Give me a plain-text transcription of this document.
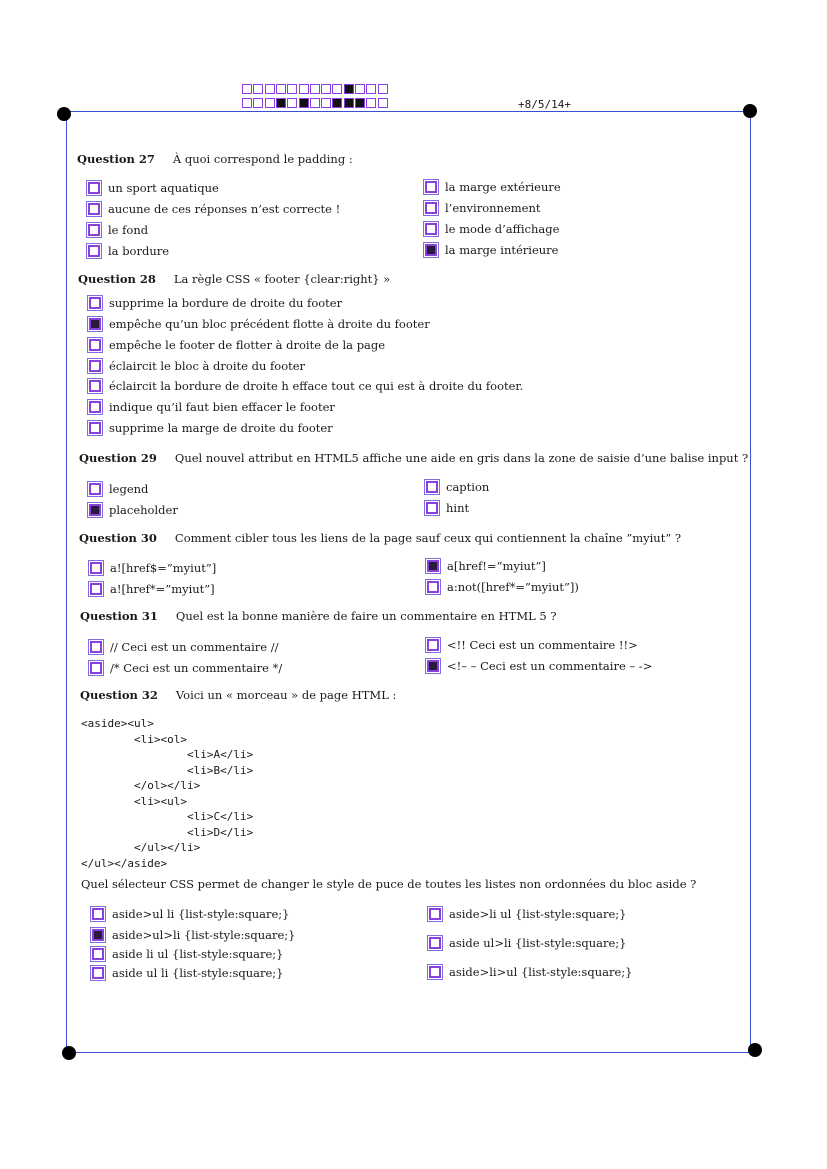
+8/5/14+
Question 27 À quoi correspond le padding :
un sport aquatique
aucune de ces réponses n’est correcte !
le fond
la bordure
la marge extérieure
l’environnement
le mode d’affichage
la marge intérieure
Question 28 La règle CSS « footer {clear:right} »
supprime la bordure de droite du footer
empêche qu’un bloc précédent flotte à droite du footer
empêche le footer de flotter à droite de la page
éclaircit le bloc à droite du footer
éclaircit la bordure de droite h efface tout ce qui est à droite du footer.
indique qu’il faut bien effacer le footer
supprime la marge de droite du footer
Question 29 Quel nouvel attribut en HTML5 affiche une aide en gris dans la zone de saisie d’une balise input ?
legend
placeholder
caption
hint
Question 30 Comment cibler tous les liens de la page sauf ceux qui contiennent la chaîne ”myiut” ?
a![href$=”myiut”]
a![href*=”myiut”]
a[href!=”myiut”]
a:not([href*=”myiut”])
Question 31 Quel est la bonne manière de faire un commentaire en HTML 5 ?
// Ceci est un commentaire //
/* Ceci est un commentaire */
<!! Ceci est un commentaire !!>
<!– – Ceci est un commentaire – ->
Question 32 Voici un « morceau » de page HTML :
<aside><ul>
<li><ol>
<li>A</li>
<li>B</li>
</ol></li>
<li><ul>
<li>C</li>
<li>D</li>
</ul></li>
</ul></aside>
Quel sélecteur CSS permet de changer le style de puce de toutes les listes non ordonnées du bloc aside ?
aside>ul li {list-style:square;}
aside>ul>li {list-style:square;}
aside li ul {list-style:square;}
aside ul li {list-style:square;}
aside>li ul {list-style:square;}
aside ul>li {list-style:square;}
aside>li>ul {list-style:square;}
